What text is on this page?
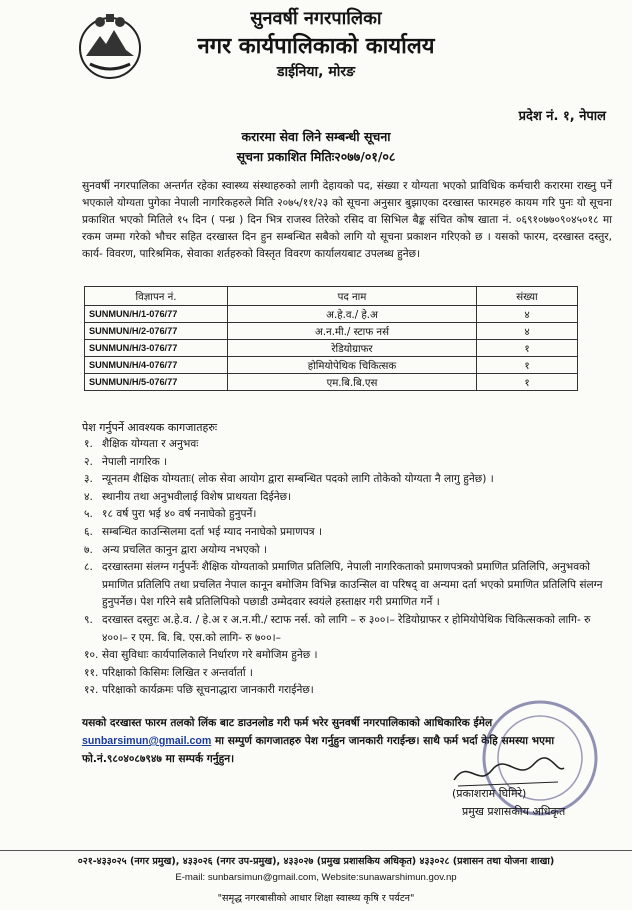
सुनवर्षी नगरपालिका
नगर कार्यपालिकाको कार्यालय
डाईनिया, मोरङ
प्रदेश नं. १, नेपाल
करारमा सेवा लिने सम्बन्धी सूचना
सूचना प्रकाशित मितिः२०७७/०१/०८
सुनवर्षी नगरपालिका अन्तर्गत रहेका स्वास्थ्य संस्थाहरुको लागी देहायको पद, संख्या र योग्यता भएको प्राविधिक कर्मचारी करारमा राख्नु पर्ने भएकाले योग्यता पुगेका नेपाली नागरिकहरुले मिति २०७५/११/२३ को सूचना अनुसार बुझाएका दरखास्त फारमहरु कायम गरि पुनः यो सूचना प्रकाशित भएको मितिले १५ दिन ( पन्ध्र ) दिन भित्र राजस्व तिरेको रसिद वा सिभिल बैङ्क संचित कोष खाता नं. ०६९१०७७०९०४५०१८ मा रकम जम्मा गरेको भौचर सहित दरखास्त दिन हुन सम्बन्धित सबैको लागि यो सूचना प्रकाशन गरिएको छ । यसको फारम, दरखास्त दस्तुर, कार्य- विवरण, पारिश्रमिक, सेवाका शर्तहरुको विस्तृत विवरण कार्यालयबाट उपलब्ध हुनेछ।
विज्ञापन नं.	पद नाम	संख्या
SUNMUN/H/1-076/77	अ.हे.व./ हे.अ	४
SUNMUN/H/2-076/77	अ.न.मी./ स्टाफ नर्स	४
SUNMUN/H/3-076/77	रेडियोग्राफर	१
SUNMUN/H/4-076/77	होमियोपेथिक चिकित्सक	१
SUNMUN/H/5-076/77	एम.बि.बि.एस	१
पेश गर्नुपर्ने आवश्यक कागजातहरुः
१. शैक्षिक योग्यता र अनुभवः
२. नेपाली नागरिक ।
३. न्यूनतम शैक्षिक योग्यताः( लोक सेवा आयोग द्वारा सम्बन्धित पदको लागि तोकेको योग्यता नै लागु हुनेछ) ।
४. स्थानीय तथा अनुभवीलाई विशेष प्राथयता दिईनेछ।
५. १८ वर्ष पुरा भई ४० वर्ष ननाघेको हुनुपर्ने।
६. सम्बन्धित काउन्सिलमा दर्ता भई म्याद ननाघेको प्रमाणपत्र ।
७. अन्य प्रचलित कानुन द्वारा अयोग्य नभएको ।
८. दरखास्तमा संलग्न गर्नुपर्नेः शैक्षिक योग्यताको प्रमाणित प्रतिलिपि, नेपाली नागरिकताको प्रमाणपत्रको प्रमाणित प्रतिलिपि, अनुभवको प्रमाणित प्रतिलिपि तथा प्रचलित नेपाल कानून बमोजिम विभिन्न काउन्सिल वा परिषद् वा अन्यमा दर्ता भएको प्रमाणित प्रतिलिपि संलग्न हुनुपर्नेछ। पेश गरिने सबै प्रतिलिपिको पछाडी उम्मेदवार स्वयंले हस्ताक्षर गरी प्रमाणित गर्ने ।
९. दरखास्त दस्तुरः अ.हे.व. / हे.अ र अ.न.मी./ स्टाफ नर्स. को लागि – रु ३००।– रेडियोग्राफर र होमियोपेथिक चिकित्सकको लागि- रु ४००।– र एम. बि. बि. एस.को लागि- रु ७००।–
१०. सेवा सुविधाः कार्यपालिकाले निर्धारण गरे बमोजिम हुनेछ ।
११. परिक्षाको किसिमः लिखित र अन्तर्वार्ता ।
१२. परिक्षाको कार्यक्रमः पछि सूचनाद्धारा जानकारी गराईनेछ।
यसको दरखास्त फारम तलको लिंक बाट डाउनलोड गरी फर्म भरेर सुनवर्षी नगरपालिकाको आधिकारिक ईमेल sunbarsimun@gmail.com मा सम्पुर्ण कागजातहरु पेश गर्नुहुन जानकारी गराईन्छ। साथै फर्म भर्दा केहि समस्या भएमा फो.नं.९८०४०८७९४७ मा सम्पर्क गर्नुहुन।
(प्रकाशराम घिमिरे)
प्रमुख प्रशासकीय अधिकृत
०२१-४३३०२५ (नगर प्रमुख), ४३३०२६ (नगर उप-प्रमुख), ४३३०२७ (प्रमुख प्रशासकिय अधिकृत) ४३३०२८ (प्रशासन तथा योजना शाखा)
E-mail: sunbarsimun@gmail.com, Website:sunawarshimun.gov.np
"समृद्ध नगरबासीको आधार शिक्षा स्वास्थ्य कृषि र पर्यटन"
